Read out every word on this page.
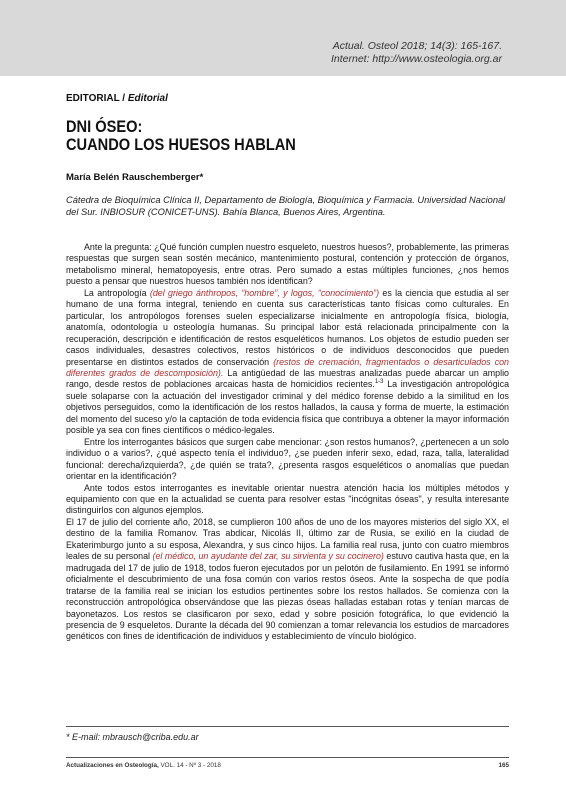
Actual. Osteol 2018; 14(3): 165-167.
Internet: http://www.osteologia.org.ar
EDITORIAL / Editorial
DNI ÓSEO:
CUANDO LOS HUESOS HABLAN
María Belén Rauschemberger*
Cátedra de Bioquímica Clínica II, Departamento de Biología, Bioquímica y Farmacia. Universidad Nacional del Sur. INBIOSUR (CONICET-UNS). Bahía Blanca, Buenos Aires, Argentina.

Ante la pregunta: ¿Qué función cumplen nuestro esqueleto, nuestros huesos?, probablemente, las primeras respuestas que surgen sean sostén mecánico, mantenimiento postural, contención y protección de órganos, metabolismo mineral, hematopoyesis, entre otras. Pero sumado a estas múltiples funciones, ¿nos hemos puesto a pensar que nuestros huesos también nos identifican?

La antropología (del griego ánthropos, “hombre”, y logos, “conocimiento”) es la ciencia que estudia al ser humano de una forma integral, teniendo en cuenta sus características tanto físicas como culturales. En particular, los antropólogos forenses suelen especializarse inicialmente en antropología física, biología, anatomía, odontología u osteología humanas. Su principal labor está relacionada principalmente con la recuperación, descripción e identificación de restos esqueléticos humanos. Los objetos de estudio pueden ser casos individuales, desastres colectivos, restos históricos o de individuos desconocidos que pueden presentarse en distintos estados de conservación (restos de cremación, fragmentados o desarticulados con diferentes grados de descomposición). La antigüedad de las muestras analizadas puede abarcar un amplio rango, desde restos de poblaciones arcaicas hasta de homicidios recientes.$^{1-3}$ La investigación antropológica suele solaparse con la actuación del investigador criminal y del médico forense debido a la similitud en los objetivos perseguidos, como la identificación de los restos hallados, la causa y forma de muerte, la estimación del momento del suceso y/o la captación de toda evidencia física que contribuya a obtener la mayor información posible ya sea con fines científicos o médico-legales.

Entre los interrogantes básicos que surgen cabe mencionar: ¿son restos humanos?, ¿pertenecen a un solo individuo o a varios?, ¿qué aspecto tenía el individuo?, ¿se pueden inferir sexo, edad, raza, talla, lateralidad funcional: derecha/izquierda?, ¿de quién se trata?, ¿presenta rasgos esqueléticos o anomalías que puedan orientar en la identificación?

Ante todos estos interrogantes es inevitable orientar nuestra atención hacia los múltiples métodos y equipamiento con que en la actualidad se cuenta para resolver estas "incógnitas óseas", y resulta interesante distinguirlos con algunos ejemplos.

El 17 de julio del corriente año, 2018, se cumplieron 100 años de uno de los mayores misterios del siglo XX, el destino de la familia Romanov. Tras abdicar, Nicolás II, último zar de Rusia, se exilió en la ciudad de Ekaterimburgo junto a su esposa, Alexandra, y sus cinco hijos. La familia real rusa, junto con cuatro miembros leales de su personal (el médico, un ayudante del zar, su sirvienta y su cocinero) estuvo cautiva hasta que, en la madrugada del 17 de julio de 1918, todos fueron ejecutados por un pelotón de fusilamiento. En 1991 se informó oficialmente el descubrimiento de una fosa común con varios restos óseos. Ante la sospecha de que podía tratarse de la familia real se inician los estudios pertinentes sobre los restos hallados. Se comienza con la reconstrucción antropológica observándose que las piezas óseas halladas estaban rotas y tenían marcas de bayonetazos. Los restos se clasificaron por sexo, edad y sobre posición fotográfica, lo que evidenció la presencia de 9 esqueletos. Durante la década del 90 comienzan a tomar relevancia los estudios de marcadores genéticos con fines de identificación de individuos y establecimiento de vínculo biológico.

* E-mail: mbrausch@criba.edu.ar
Actualizaciones en Osteología, VOL. 14 - Nº 3 - 2018	165
